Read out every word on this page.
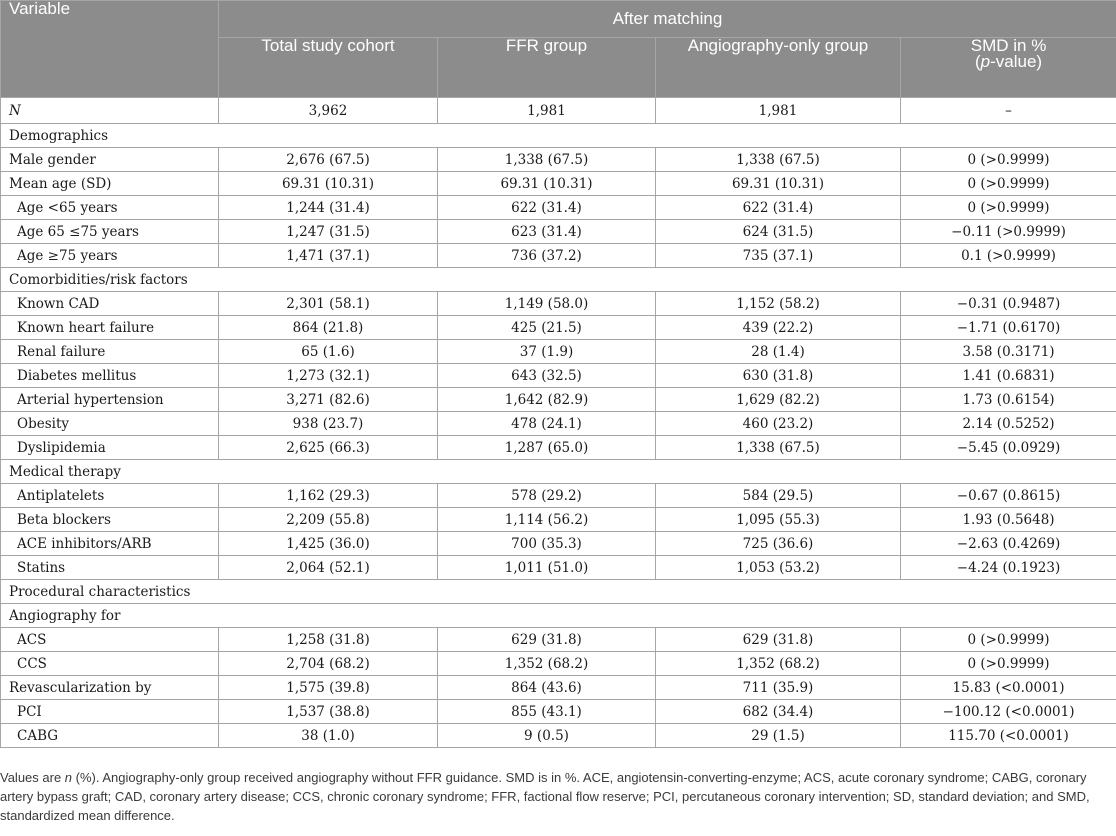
Variable	After matching			
	Total study cohort	FFR group	Angiography-only group	SMD in %
(p-value)
N	3,962	1,981	1,981	–
Demographics				
Male gender	2,676 (67.5)	1,338 (67.5)	1,338 (67.5)	0 (>0.9999)
Mean age (SD)	69.31 (10.31)	69.31 (10.31)	69.31 (10.31)	0 (>0.9999)
Age <65 years	1,244 (31.4)	622 (31.4)	622 (31.4)	0 (>0.9999)
Age 65 ≤75 years	1,247 (31.5)	623 (31.4)	624 (31.5)	−0.11 (>0.9999)
Age ≥75 years	1,471 (37.1)	736 (37.2)	735 (37.1)	0.1 (>0.9999)
Comorbidities/risk factors				
Known CAD	2,301 (58.1)	1,149 (58.0)	1,152 (58.2)	−0.31 (0.9487)
Known heart failure	864 (21.8)	425 (21.5)	439 (22.2)	−1.71 (0.6170)
Renal failure	65 (1.6)	37 (1.9)	28 (1.4)	3.58 (0.3171)
Diabetes mellitus	1,273 (32.1)	643 (32.5)	630 (31.8)	1.41 (0.6831)
Arterial hypertension	3,271 (82.6)	1,642 (82.9)	1,629 (82.2)	1.73 (0.6154)
Obesity	938 (23.7)	478 (24.1)	460 (23.2)	2.14 (0.5252)
Dyslipidemia	2,625 (66.3)	1,287 (65.0)	1,338 (67.5)	−5.45 (0.0929)
Medical therapy				
Antiplatelets	1,162 (29.3)	578 (29.2)	584 (29.5)	−0.67 (0.8615)
Beta blockers	2,209 (55.8)	1,114 (56.2)	1,095 (55.3)	1.93 (0.5648)
ACE inhibitors/ARB	1,425 (36.0)	700 (35.3)	725 (36.6)	−2.63 (0.4269)
Statins	2,064 (52.1)	1,011 (51.0)	1,053 (53.2)	−4.24 (0.1923)
Procedural characteristics				
Angiography for				
ACS	1,258 (31.8)	629 (31.8)	629 (31.8)	0 (>0.9999)
CCS	2,704 (68.2)	1,352 (68.2)	1,352 (68.2)	0 (>0.9999)
Revascularization by	1,575 (39.8)	864 (43.6)	711 (35.9)	15.83 (<0.0001)
PCI	1,537 (38.8)	855 (43.1)	682 (34.4)	−100.12 (<0.0001)
CABG	38 (1.0)	9 (0.5)	29 (1.5)	115.70 (<0.0001)
Values are n (%). Angiography-only group received angiography without FFR guidance. SMD is in %. ACE, angiotensin-converting-enzyme; ACS, acute coronary syndrome; CABG, coronary artery bypass graft; CAD, coronary artery disease; CCS, chronic coronary syndrome; FFR, factional flow reserve; PCI, percutaneous coronary intervention; SD, standard deviation; and SMD, standardized mean difference.
